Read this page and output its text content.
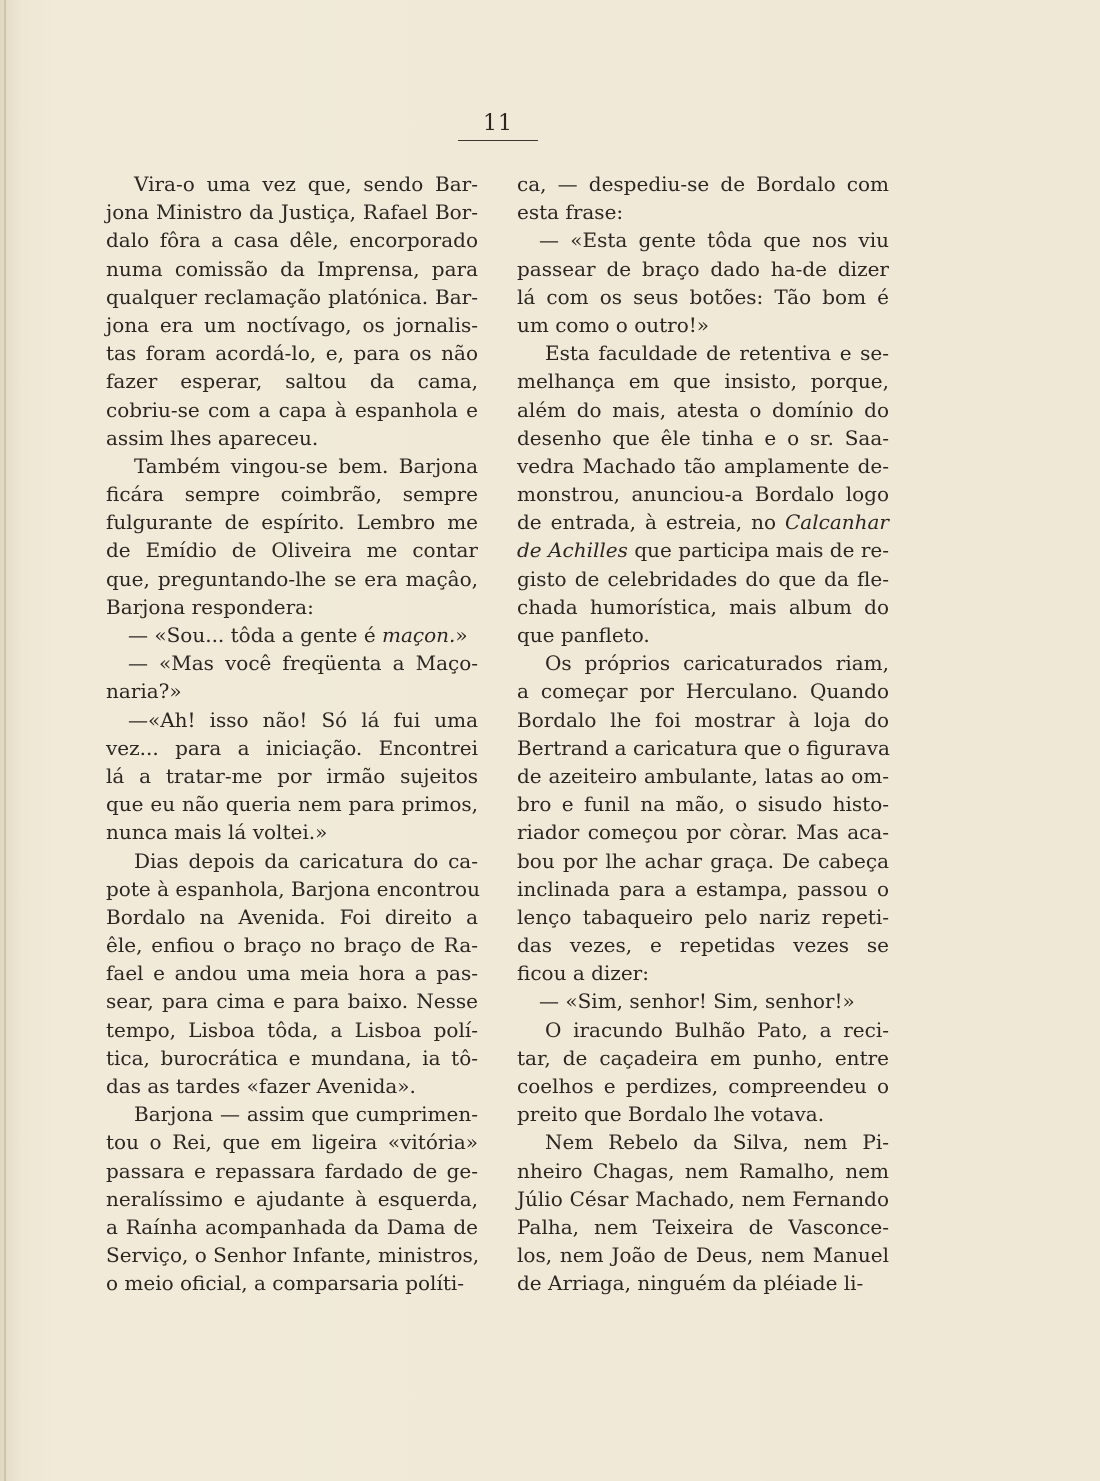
11
Vira-o uma vez que, sendo Bar-
jona Ministro da Justiça, Rafael Bor-
dalo fôra a casa dêle, encorporado
numa comissão da Imprensa, para
qualquer reclamação platónica. Bar-
jona era um noctívago, os jornalis-
tas foram acordá-lo, e, para os não
fazer esperar, saltou da cama,
cobriu-se com a capa à espanhola e
assim lhes apareceu.
Também vingou-se bem. Barjona
ficára sempre coimbrão, sempre
fulgurante de espírito. Lembro me
de Emídio de Oliveira me contar
que, preguntando-lhe se era maçâo,
Barjona respondera:
— «Sou... tôda a gente é maçon.»
— «Mas você freqüenta a Maço-
naria?»
—«Ah! isso não! Só lá fui uma
vez... para a iniciação. Encontrei
lá a tratar-me por irmão sujeitos
que eu não queria nem para primos,
nunca mais lá voltei.»
Dias depois da caricatura do ca-
pote à espanhola, Barjona encontrou
Bordalo na Avenida. Foi direito a
êle, enfiou o braço no braço de Ra-
fael e andou uma meia hora a pas-
sear, para cima e para baixo. Nesse
tempo, Lisboa tôda, a Lisboa polí-
tica, burocrática e mundana, ia tô-
das as tardes «fazer Avenida».
Barjona — assim que cumprimen-
tou o Rei, que em ligeira «vitória»
passara e repassara fardado de ge-
neralíssimo e ajudante à esquerda,
a Raínha acompanhada da Dama de
Serviço, o Senhor Infante, ministros,
o meio oficial, a comparsaria políti-
ca, — despediu-se de Bordalo com
esta frase:
— «Esta gente tôda que nos viu
passear de braço dado ha-de dizer
lá com os seus botões: Tão bom é
um como o outro!»
Esta faculdade de retentiva e se-
melhança em que insisto, porque,
além do mais, atesta o domínio do
desenho que êle tinha e o sr. Saa-
vedra Machado tão amplamente de-
monstrou, anunciou-a Bordalo logo
de entrada, à estreia, no Calcanhar
de Achilles que participa mais de re-
gisto de celebridades do que da fle-
chada humorística, mais album do
que panfleto.
Os próprios caricaturados riam,
a começar por Herculano. Quando
Bordalo lhe foi mostrar à loja do
Bertrand a caricatura que o figurava
de azeiteiro ambulante, latas ao om-
bro e funil na mão, o sisudo histo-
riador começou por còrar. Mas aca-
bou por lhe achar graça. De cabeça
inclinada para a estampa, passou o
lenço tabaqueiro pelo nariz repeti-
das vezes, e repetidas vezes se
ficou a dizer:
— «Sim, senhor! Sim, senhor!»
O iracundo Bulhão Pato, a reci-
tar, de caçadeira em punho, entre
coelhos e perdizes, compreendeu o
preito que Bordalo lhe votava.
Nem Rebelo da Silva, nem Pi-
nheiro Chagas, nem Ramalho, nem
Júlio César Machado, nem Fernando
Palha, nem Teixeira de Vasconce-
los, nem João de Deus, nem Manuel
de Arriaga, ninguém da pléiade li-
